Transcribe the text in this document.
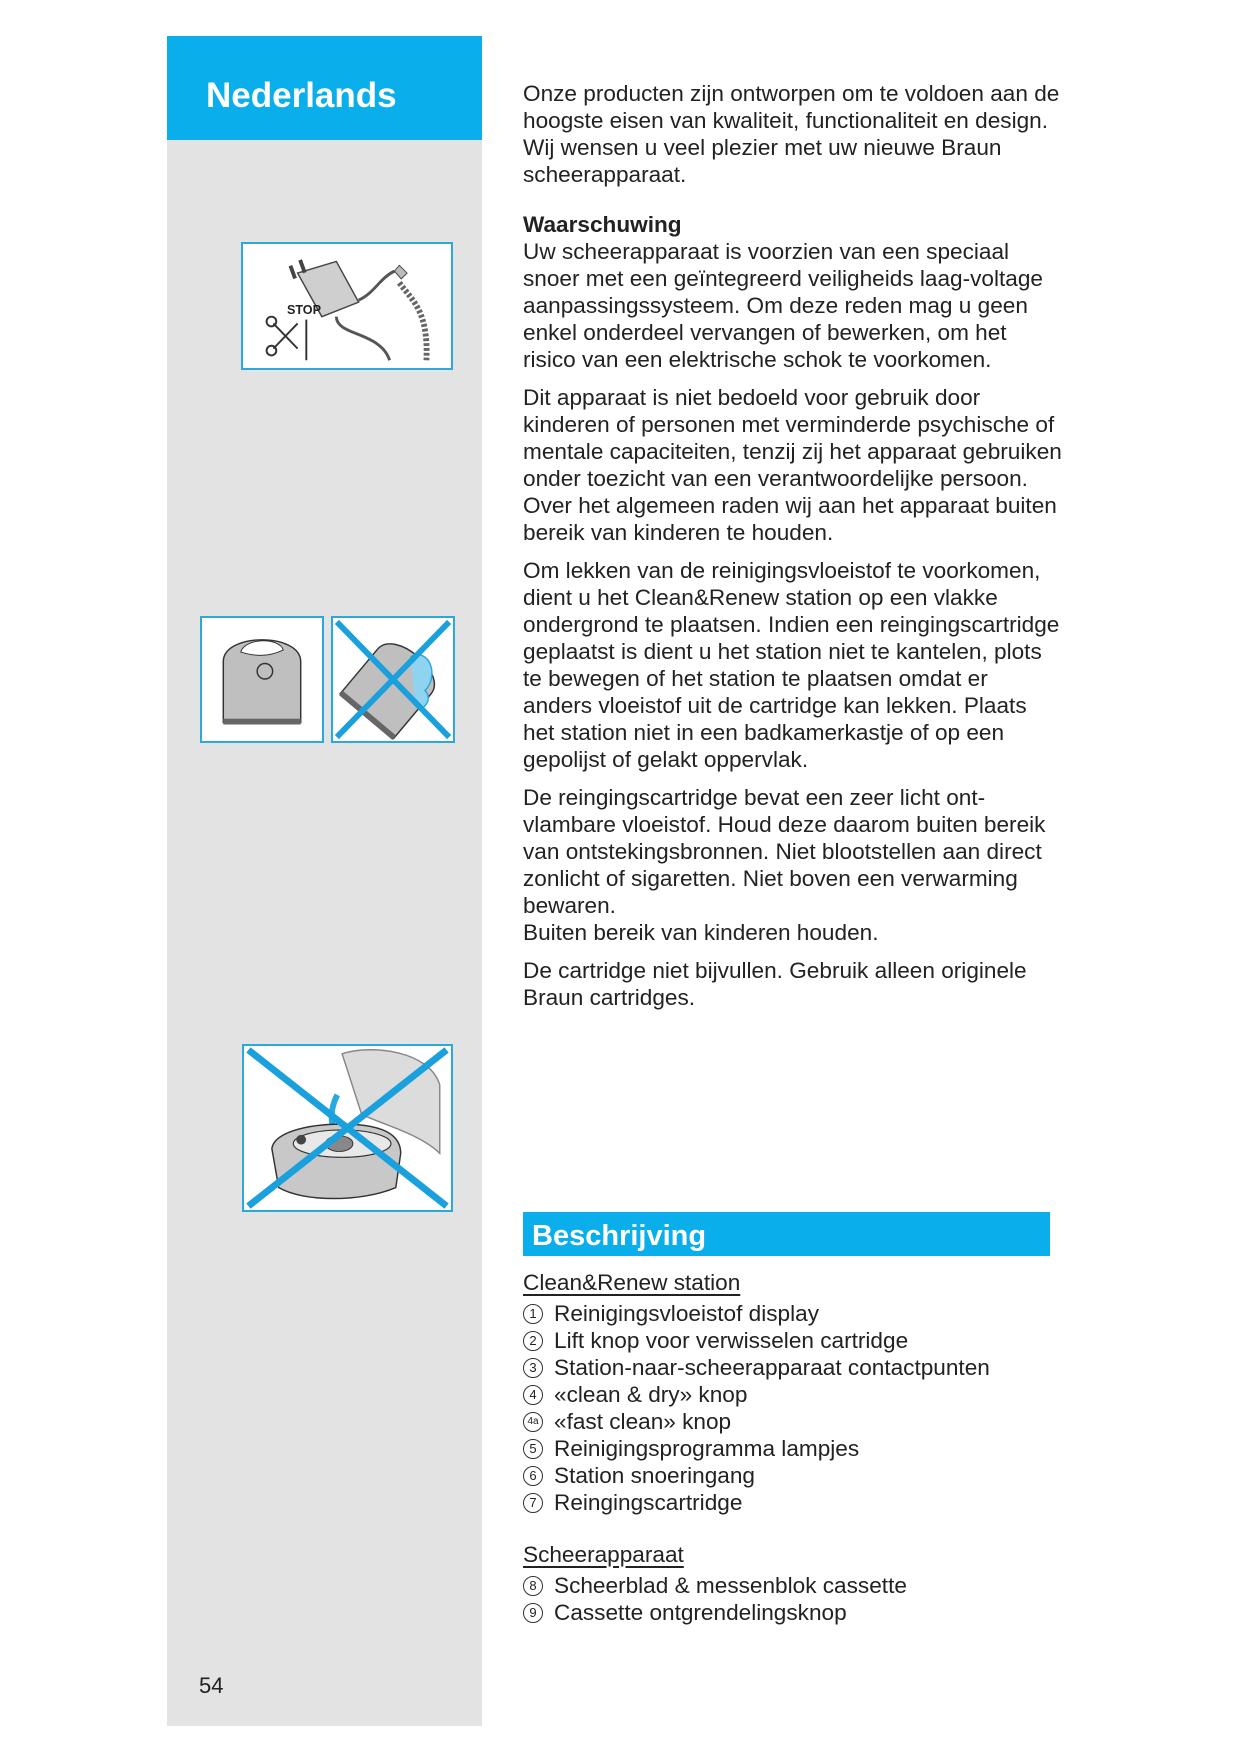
Nederlands
STOP
54

Onze producten zijn ontworpen om te voldoen aan de hoogste eisen van kwaliteit, functionaliteit en design. Wij wensen u veel plezier met uw nieuwe Braun scheerapparaat.

Waarschuwing

Uw scheerapparaat is voorzien van een speciaal snoer met een geïntegreerd veiligheids laag-voltage aanpassingssysteem. Om deze reden mag u geen enkel onderdeel vervangen of bewerken, om het risico van een elektrische schok te voorkomen.

Dit apparaat is niet bedoeld voor gebruik door kinderen of personen met verminderde psychische of mentale capaciteiten, tenzij zij het apparaat gebruiken onder toezicht van een verantwoordelijke persoon. Over het algemeen raden wij aan het apparaat buiten bereik van kinderen te houden.

Om lekken van de reinigingsvloeistof te voorkomen, dient u het Clean&Renew station op een vlakke ondergrond te plaatsen. Indien een reingingscartridge geplaatst is dient u het station niet te kantelen, plots te bewegen of het station te plaatsen omdat er anders vloeistof uit de cartridge kan lekken. Plaats het station niet in een badkamerkastje of op een gepolijst of gelakt oppervlak.

De reingingscartridge bevat een zeer licht ont-vlambare vloeistof. Houd deze daarom buiten bereik van ontstekingsbronnen. Niet blootstellen aan direct zonlicht of sigaretten. Niet boven een verwarming bewaren.

Buiten bereik van kinderen houden.

De cartridge niet bijvullen. Gebruik alleen originele Braun cartridges.

Beschrijving
Clean&Renew station
1 Reinigingsvloeistof display
2 Lift knop voor verwisselen cartridge
3 Station-naar-scheerapparaat contactpunten
4 «clean & dry» knop
4a «fast clean» knop
5 Reinigingsprogramma lampjes
6 Station snoeringang
7 Reingingscartridge
Scheerapparaat
8 Scheerblad & messenblok cassette
9 Cassette ontgrendelingsknop
